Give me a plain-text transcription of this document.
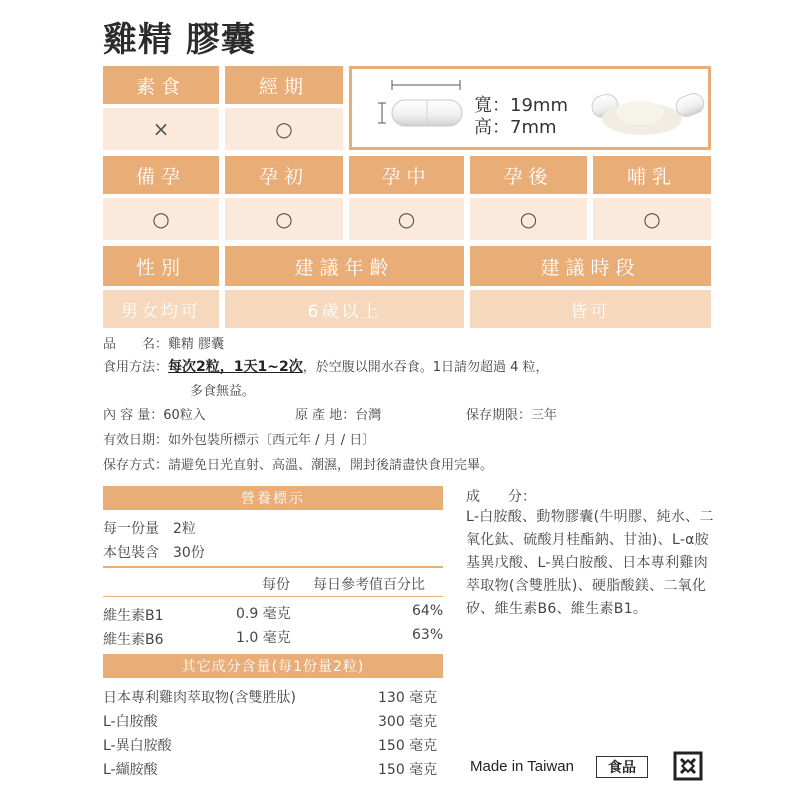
雞精 膠囊
素食	經期
×	○
寬：19mm
高：7mm
備孕	孕初	孕中	孕後	哺乳
○	○	○	○	○
性別	建議年齡	建議時段
男女均可	6歲以上	皆可
品　　名：雞精 膠囊
食用方法：每次2粒，1天1~2次，於空腹以開水吞食。1日請勿超過 4 粒，
多食無益。
內 容 量：60粒入	原 產 地：台灣	保存期限：三年
有效日期：如外包裝所標示〔西元年 / 月 / 日〕
保存方式：請避免日光直射、高溫、潮濕，開封後請盡快食用完畢。
營養標示
每一份量　2粒
本包裝含　30份
每份 每日參考值百分比
維生素B1	0.9 毫克	64%
維生素B6	1.0 毫克	63%
其它成分含量(每1份量2粒)
日本專利雞肉萃取物(含雙胜肽)	130 毫克
L-白胺酸	300 毫克
L-異白胺酸	150 毫克
L-纈胺酸	150 毫克
成　　分：
L-白胺酸、動物膠囊(牛明膠、純水、二氧化鈦、硫酸月桂酯鈉、甘油)、L-α胺基異戊酸、L-異白胺酸、日本專利雞肉萃取物(含雙胜肽)、硬脂酸鎂、二氧化矽、維生素B6、維生素B1。
Made in Taiwan	食品
